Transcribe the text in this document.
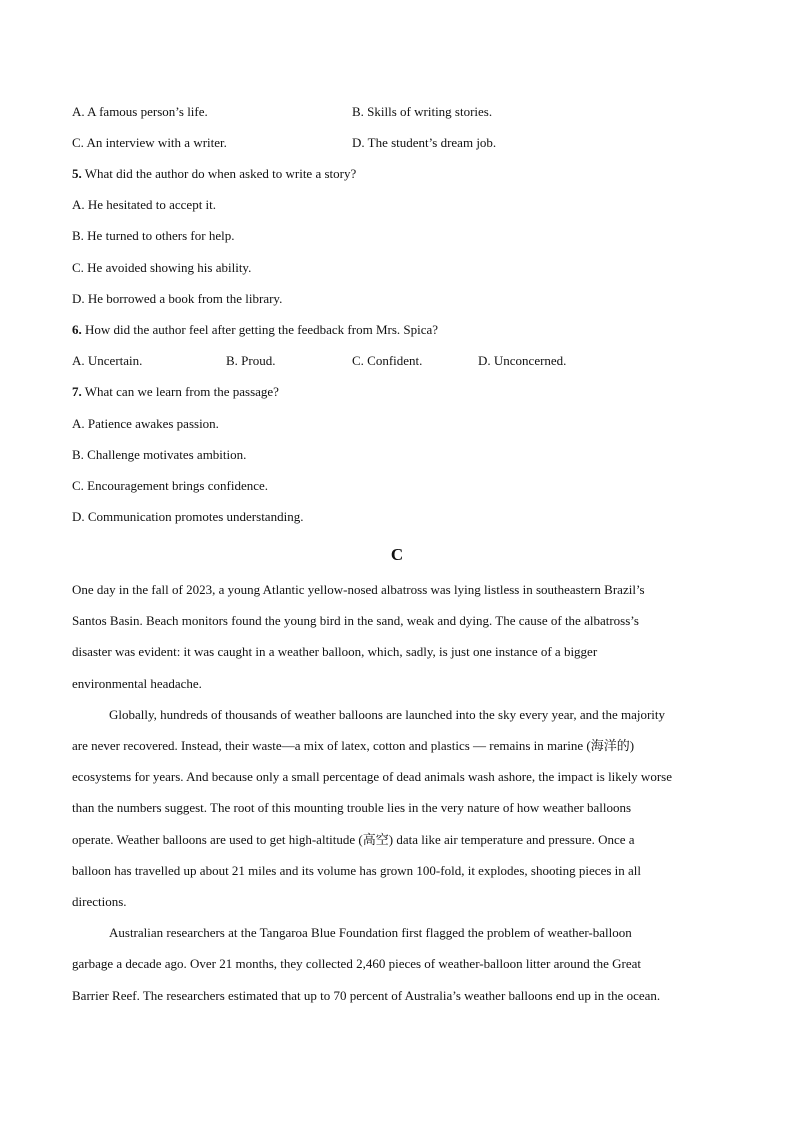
A. A famous person’s life.	B. Skills of writing stories.
C. An interview with a writer.	D. The student’s dream job.
5. What did the author do when asked to write a story?
A. He hesitated to accept it.
B. He turned to others for help.
C. He avoided showing his ability.
D. He borrowed a book from the library.
6. How did the author feel after getting the feedback from Mrs. Spica?
A. Uncertain.	B. Proud.	C. Confident.	D. Unconcerned.
7. What can we learn from the passage?
A. Patience awakes passion.
B. Challenge motivates ambition.
C. Encouragement brings confidence.
D. Communication promotes understanding.
C
One day in the fall of 2023, a young Atlantic yellow-nosed albatross was lying listless in southeastern Brazil’s
Santos Basin. Beach monitors found the young bird in the sand, weak and dying. The cause of the albatross’s
disaster was evident: it was caught in a weather balloon, which, sadly, is just one instance of a bigger
environmental headache.
Globally, hundreds of thousands of weather balloons are launched into the sky every year, and the majority
are never recovered. Instead, their waste—a mix of latex, cotton and plastics — remains in marine (海洋的)
ecosystems for years. And because only a small percentage of dead animals wash ashore, the impact is likely worse
than the numbers suggest. The root of this mounting trouble lies in the very nature of how weather balloons
operate. Weather balloons are used to get high-altitude (高空) data like air temperature and pressure. Once a
balloon has travelled up about 21 miles and its volume has grown 100-fold, it explodes, shooting pieces in all
directions.
Australian researchers at the Tangaroa Blue Foundation first flagged the problem of weather-balloon
garbage a decade ago. Over 21 months, they collected 2,460 pieces of weather-balloon litter around the Great
Barrier Reef. The researchers estimated that up to 70 percent of Australia’s weather balloons end up in the ocean.
